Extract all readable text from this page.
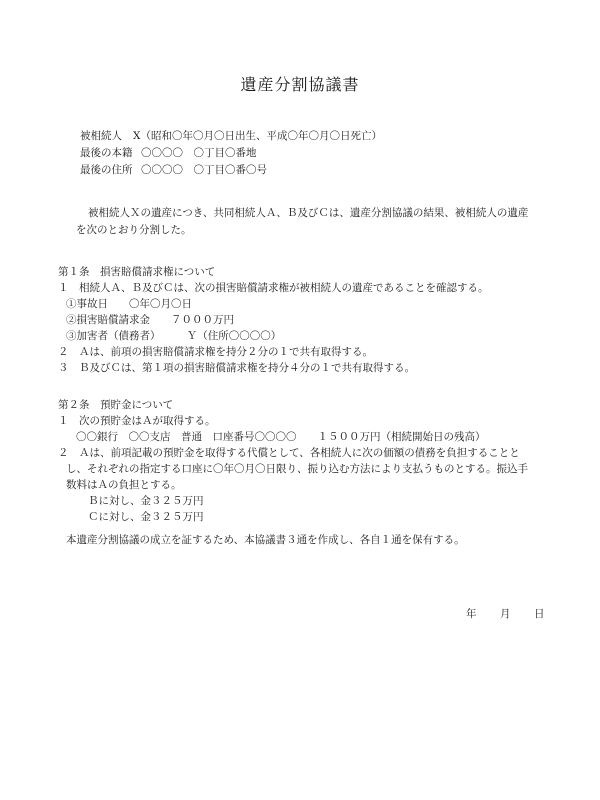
遺産分割協議書
被相続人 X（昭和〇年〇月〇日出生、平成〇年〇月〇日死亡）
最後の本籍 〇〇〇〇　〇丁目〇番地
最後の住所 〇〇〇〇　〇丁目〇番〇号
被相続人Ｘの遺産につき、共同相続人Ａ、Ｂ及びＣは、遺産分割協議の結果、被相続人の遺産
を次のとおり分割した。
第１条　損害賠償請求権について
１　相続人Ａ、Ｂ及びＣは、次の損害賠償請求権が被相続人の遺産であることを確認する。
①事故日　　〇年〇月〇日
②損害賠償請求金　　７０００万円
③加害者（債務者）　　　Ｙ（住所〇〇〇〇）
２　Ａは、前項の損害賠償請求権を持分２分の１で共有取得する。
３　Ｂ及びＣは、第１項の損害賠償請求権を持分４分の１で共有取得する。
第２条　預貯金について
１　次の預貯金はＡが取得する。
〇〇銀行　〇〇支店　普通　口座番号〇〇〇〇　　１５００万円（相続開始日の残高）
２　Ａは、前項記載の預貯金を取得する代償として、各相続人に次の価額の債務を負担することと
し、それぞれの指定する口座に〇年〇月〇日限り、振り込む方法により支払うものとする。振込手
数料はＡの負担とする。
Ｂに対し、金３２５万円
Ｃに対し、金３２５万円
本遺産分割協議の成立を証するため、本協議書３通を作成し、各自１通を保有する。
年 月 日
